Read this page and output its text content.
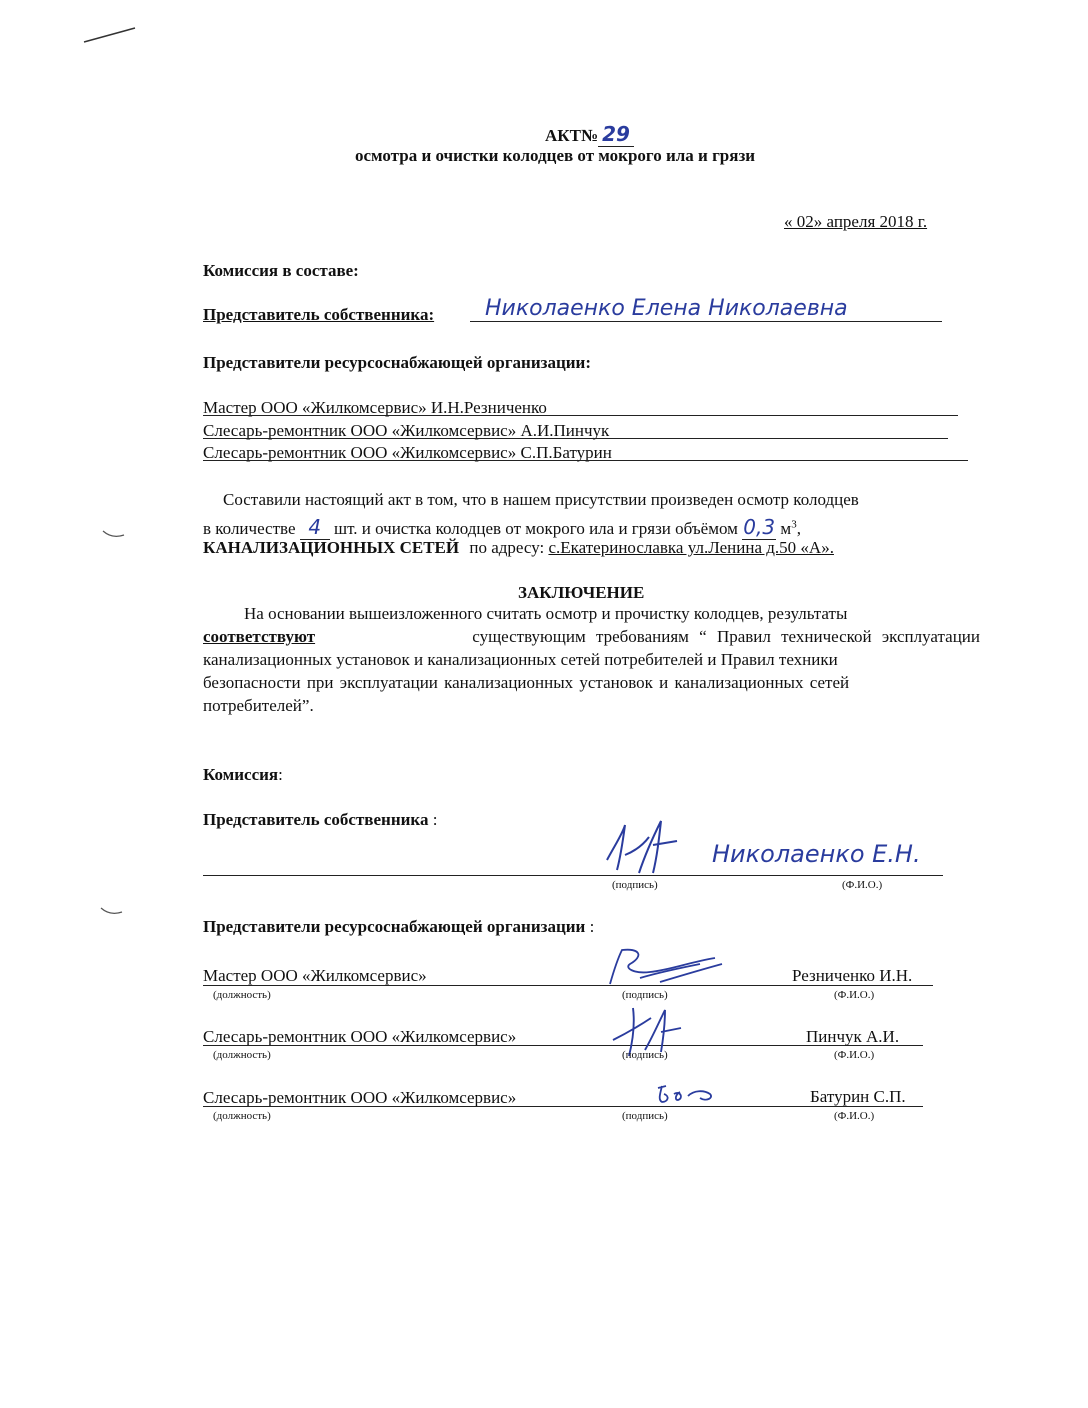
АКТ№ 29
осмотра и очистки колодцев от мокрого ила и грязи
« 02» апреля 2018 г.
Комиссия в составе:
Представитель собственника: Николаенко Елена Николаевна
Представители ресурсоснабжающей организации:
Мастер ООО «Жилкомсервис» И.Н.Резниченко
Слесарь-ремонтник ООО «Жилкомсервис» А.И.Пинчук
Слесарь-ремонтник ООО «Жилкомсервис» С.П.Батурин
Составили настоящий акт в том, что в нашем присутствии произведен осмотр колодцев
в количестве 4 шт. и очистка колодцев от мокрого ила и грязи объёмом 0,3 $м^3$,
КАНАЛИЗАЦИОННЫХ СЕТЕЙ по адресу: с.Екатеринославка ул.Ленина д.50 «А».
ЗАКЛЮЧЕНИЕ
На основании вышеизложенного считать осмотр и прочистку колодцев, результаты
соответствуют	существующим требованиям “ Правил технической эксплуатации
канализационных установок и канализационных сетей потребителей и Правил техники
безопасности при эксплуатации канализационных установок и канализационных сетей
потребителей”.
Комиссия:
Представитель собственника :
Николаенко Е.Н.
(подпись)	(Ф.И.О.)
Представители ресурсоснабжающей организации :
Мастер ООО «Жилкомсервис»	Резниченко И.Н.
(должность)	(подпись)	(Ф.И.О.)
Слесарь-ремонтник ООО «Жилкомсервис»	Пинчук А.И.
(должность)	(подпись)	(Ф.И.О.)
Слесарь-ремонтник ООО «Жилкомсервис»	Батурин С.П.
(должность)	(подпись)	(Ф.И.О.)
